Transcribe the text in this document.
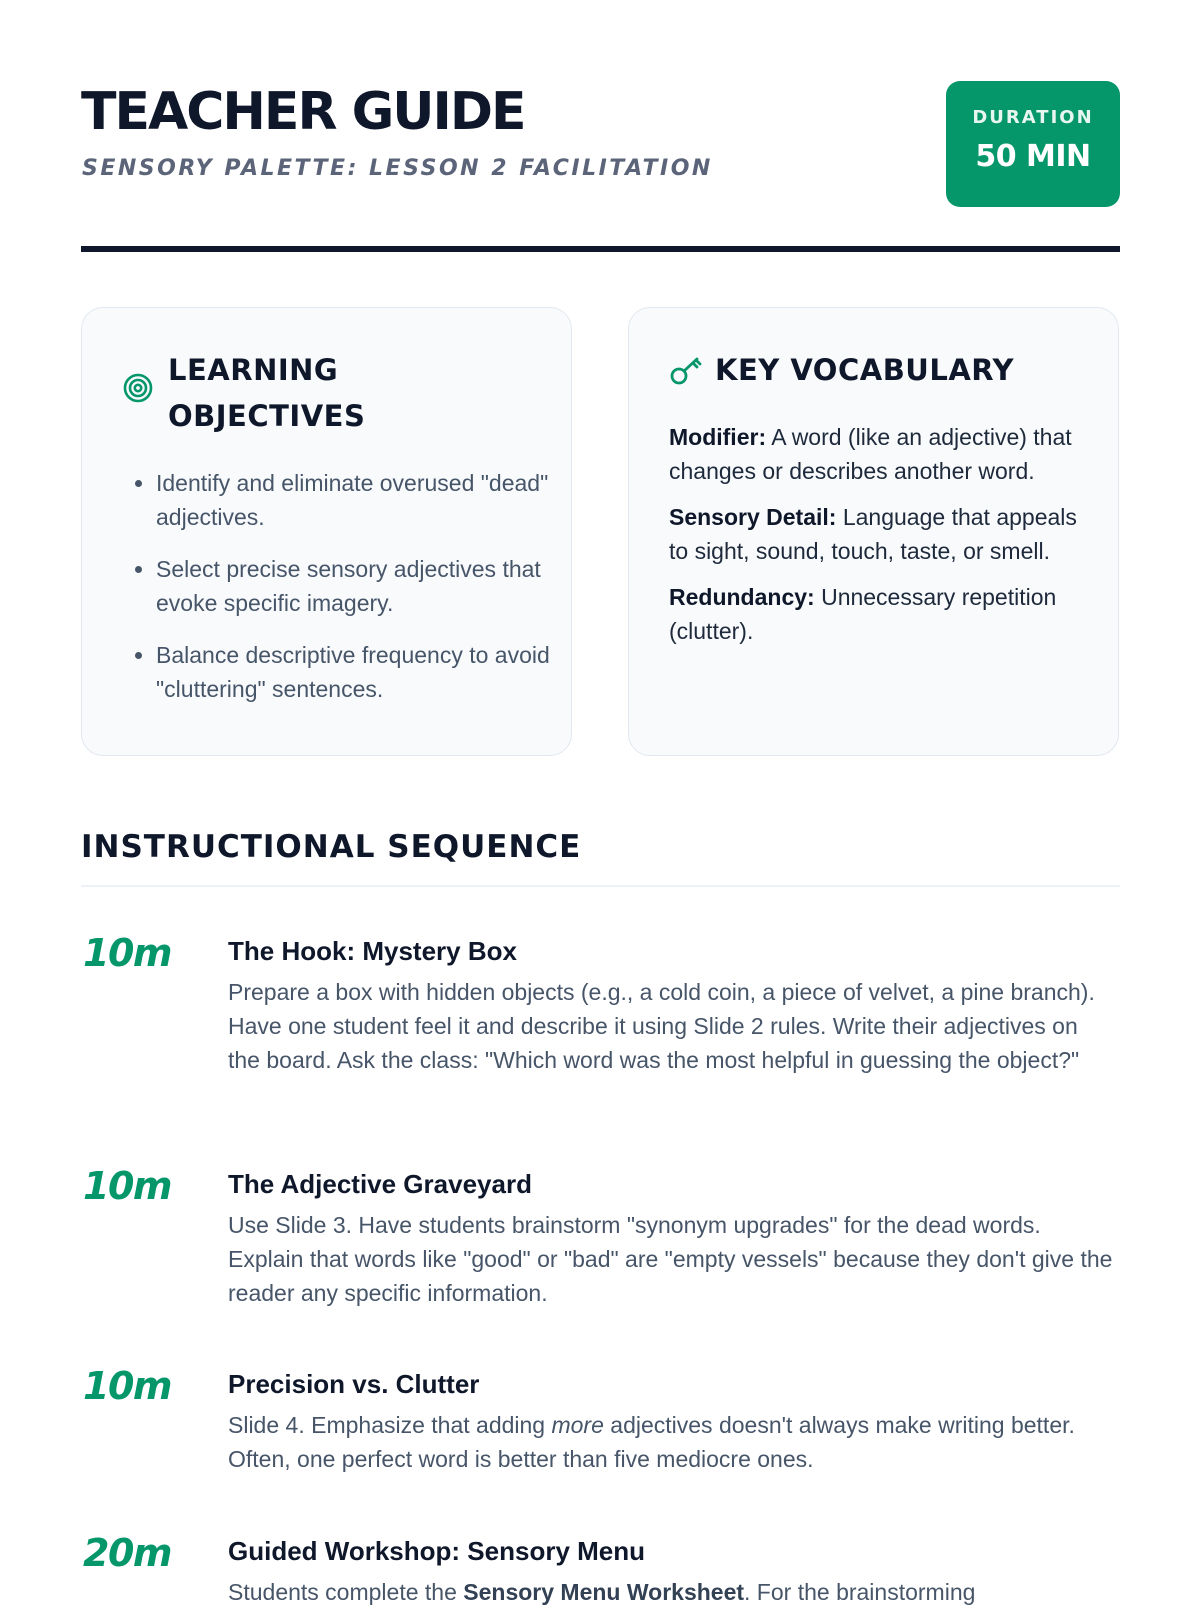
TEACHER GUIDE
SENSORY PALETTE: LESSON 2 FACILITATION
DURATION
50 MIN
LEARNING
OBJECTIVES
• Identify and eliminate overused "dead" adjectives.
• Select precise sensory adjectives that evoke specific imagery.
• Balance descriptive frequency to avoid "cluttering" sentences.
KEY VOCABULARY
Modifier: A word (like an adjective) that changes or describes another word.
Sensory Detail: Language that appeals to sight, sound, touch, taste, or smell.
Redundancy: Unnecessary repetition (clutter).
INSTRUCTIONAL SEQUENCE
10m The Hook: Mystery Box

Prepare a box with hidden objects (e.g., a cold coin, a piece of velvet, a pine branch). Have one student feel it and describe it using Slide 2 rules. Write their adjectives on the board. Ask the class: "Which word was the most helpful in guessing the object?"

10m The Adjective Graveyard

Use Slide 3. Have students brainstorm "synonym upgrades" for the dead words. Explain that words like "good" or "bad" are "empty vessels" because they don't give the reader any specific information.

10m Precision vs. Clutter

Slide 4. Emphasize that adding more adjectives doesn't always make writing better. Often, one perfect word is better than five mediocre ones.

20m Guided Workshop: Sensory Menu

Students complete the Sensory Menu Worksheet. For the brainstorming
